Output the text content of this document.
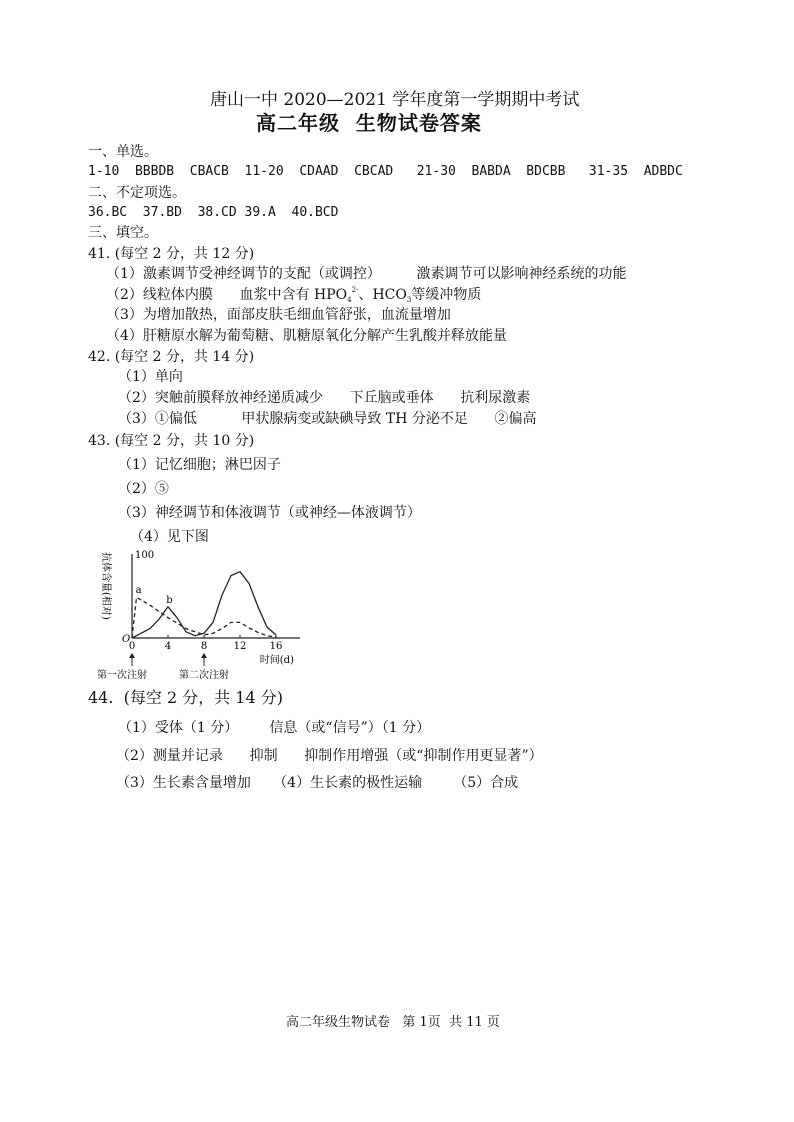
唐山一中 2020—2021 学年度第一学期期中考试
高二年级  生物试卷答案
一、单选。
1-10  BBBDB  CBACB  11-20  CDAAD  CBCAD   21-30  BABDA  BDCBB   31-35  ADBDC
二、不定项选。
36.BC  37.BD  38.CD 39.A  40.BCD
三、填空。
41. (每空 2 分，共 12 分)
（1）激素调节受神经调节的支配（或调控）        激素调节可以影响神经系统的功能
（2）线粒体内膜      血浆中含有 $HPO_4^{2-}$、$HCO_3$等缓冲物质
（3）为增加散热，面部皮肤毛细血管舒张，血流量增加
（4）肝糖原水解为葡萄糖、肌糖原氧化分解产生乳酸并释放能量
42. (每空 2 分，共 14 分)
（1）单向
（2）突触前膜释放神经递质减少      下丘脑或垂体      抗利尿激素
（3）①偏低          甲状腺病变或缺碘导致 TH 分泌不足      ②偏高
43. (每空 2 分，共 10 分)
（1）记忆细胞；淋巴因子
（2）⑤
（3）神经调节和体液调节（或神经—体液调节）
（4）见下图
抗体含量(相对) 100
O
0	4	8	12 16
时间(d)
a
b
第一次注射	第二次注射
44.  (每空 2 分，共 14 分)
（1）受体（1 分）       信息（或“信号”）（1 分）
（2）测量并记录      抑制      抑制作用增强（或“抑制作用更显著”）
（3）生长素含量增加     （4）生长素的极性运输       （5）合成
高二年级生物试卷   第 1页  共 11 页
